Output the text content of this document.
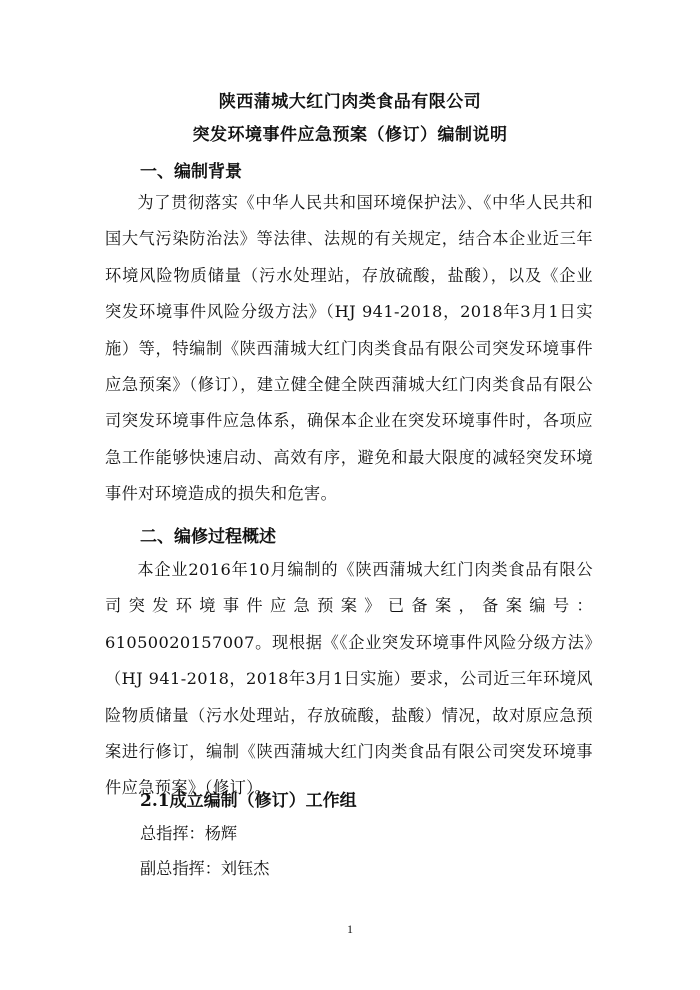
陕西蒲城大红门肉类食品有限公司
突发环境事件应急预案（修订）编制说明
一、编制背景

为了贯彻落实《中华人民共和国环境保护法》、《中华人民共和国大气污染防治法》等法律、法规的有关规定，结合本企业近三年环境风险物质储量（污水处理站，存放硫酸，盐酸），以及《企业突发环境事件风险分级方法》（HJ 941-2018，2018年3月1日实施）等，特编制《陕西蒲城大红门肉类食品有限公司突发环境事件应急预案》（修订），建立健全健全陕西蒲城大红门肉类食品有限公司突发环境事件应急体系，确保本企业在突发环境事件时，各项应急工作能够快速启动、高效有序，避免和最大限度的减轻突发环境事件对环境造成的损失和危害。

二、编修过程概述

本企业2016年10月编制的《陕西蒲城大红门肉类食品有限公司突发环境事件应急预案》已备案，备案编号：61050020157007。现根据《《企业突发环境事件风险分级方法》（HJ 941-2018，2018年3月1日实施）要求，公司近三年环境风险物质储量（污水处理站，存放硫酸，盐酸）情况，故对原应急预案进行修订，编制《陕西蒲城大红门肉类食品有限公司突发环境事件应急预案》（修订）。

2.1成立编制（修订）工作组
总指挥：杨辉
副总指挥：刘钰杰
1
